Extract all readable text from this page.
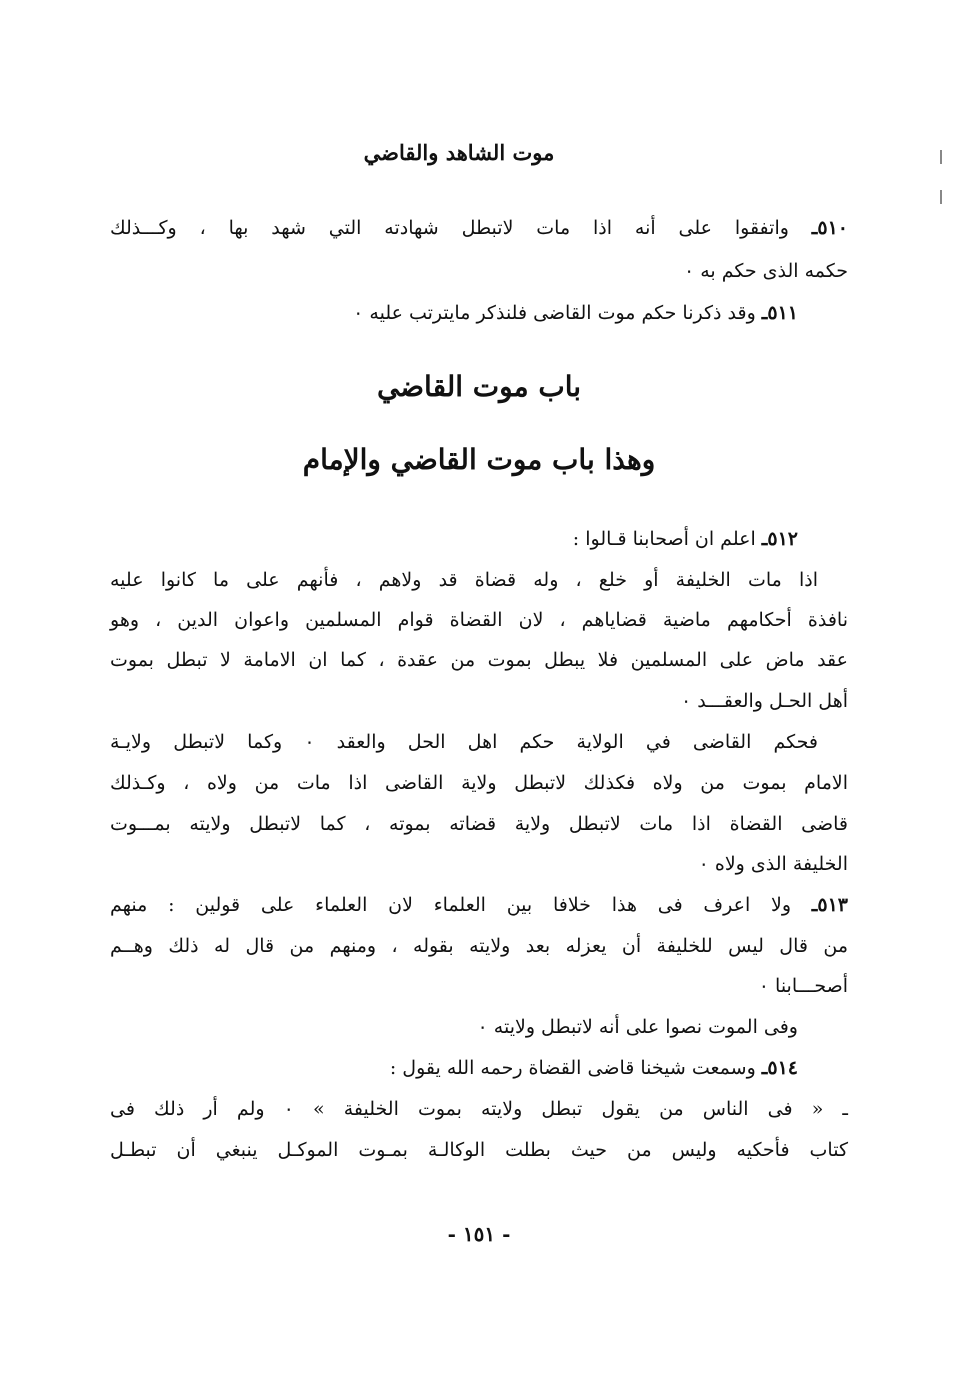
موت الشاهد والقاضي
٥١٠ـ واتفقوا على أنه اذا مات لاتبطل شهادته التي شهد بها ، وكـــذلك
حكمه الذى حكم به ٠
٥١١ـ وقد ذكرنا حكم موت القاضى فلنذكر مايترتب عليه ٠
باب موت القاضي
وهذا باب موت القاضي والإمام
٥١٢ـ اعلم ان أصحابنا قـالوا :
اذا مات الخليفة أو خلع ، وله قضاة قد ولاهم ، فأنهم على ما كانوا عليه
نافذة أحكامهم ماضية قضاياهم ، لان القضاة قوام المسلمين واعوان الدين ، وهو
عقد ماض على المسلمين فلا يبطل بموت من عقدة ، كما ان الامامة لا تبطل بموت
أهل الحـل والعقـــد ٠
فحكم القاضى في الولاية حكم اهل الحل والعقد ٠ وكما لاتبطل ولايـة
الامام بموت من ولاه فكذلك لاتبطل ولاية القاضى اذا مات من ولاه ، وكـذلك
قاضى القضاة اذا مات لاتبطل ولاية قضاته بموته ، كما لاتبطل ولايته بمـــوت
الخليفة الذى ولاه ٠
٥١٣ـ ولا اعرف فى هذا خلافا بين العلماء لان العلماء على قولين : منهم
من قال ليس للخليفة أن يعزله بعد ولايته بقوله ، ومنهم من قال له ذلك وهــم
أصحـــابنا ٠
وفى الموت نصوا على أنه لاتبطل ولايته ٠
٥١٤ـ وسمعت شيخنا قاضى القضاة رحمه الله يقول :
ـ « فى الناس من يقول تبطل ولايته بموت الخليفة » ٠ ولم أر ذلك فى
كتاب فأحكيه وليس من حيث بطلت الوكالـة بمـوت الموكـل ينبغي أن تبطـل
- ١٥١ -
